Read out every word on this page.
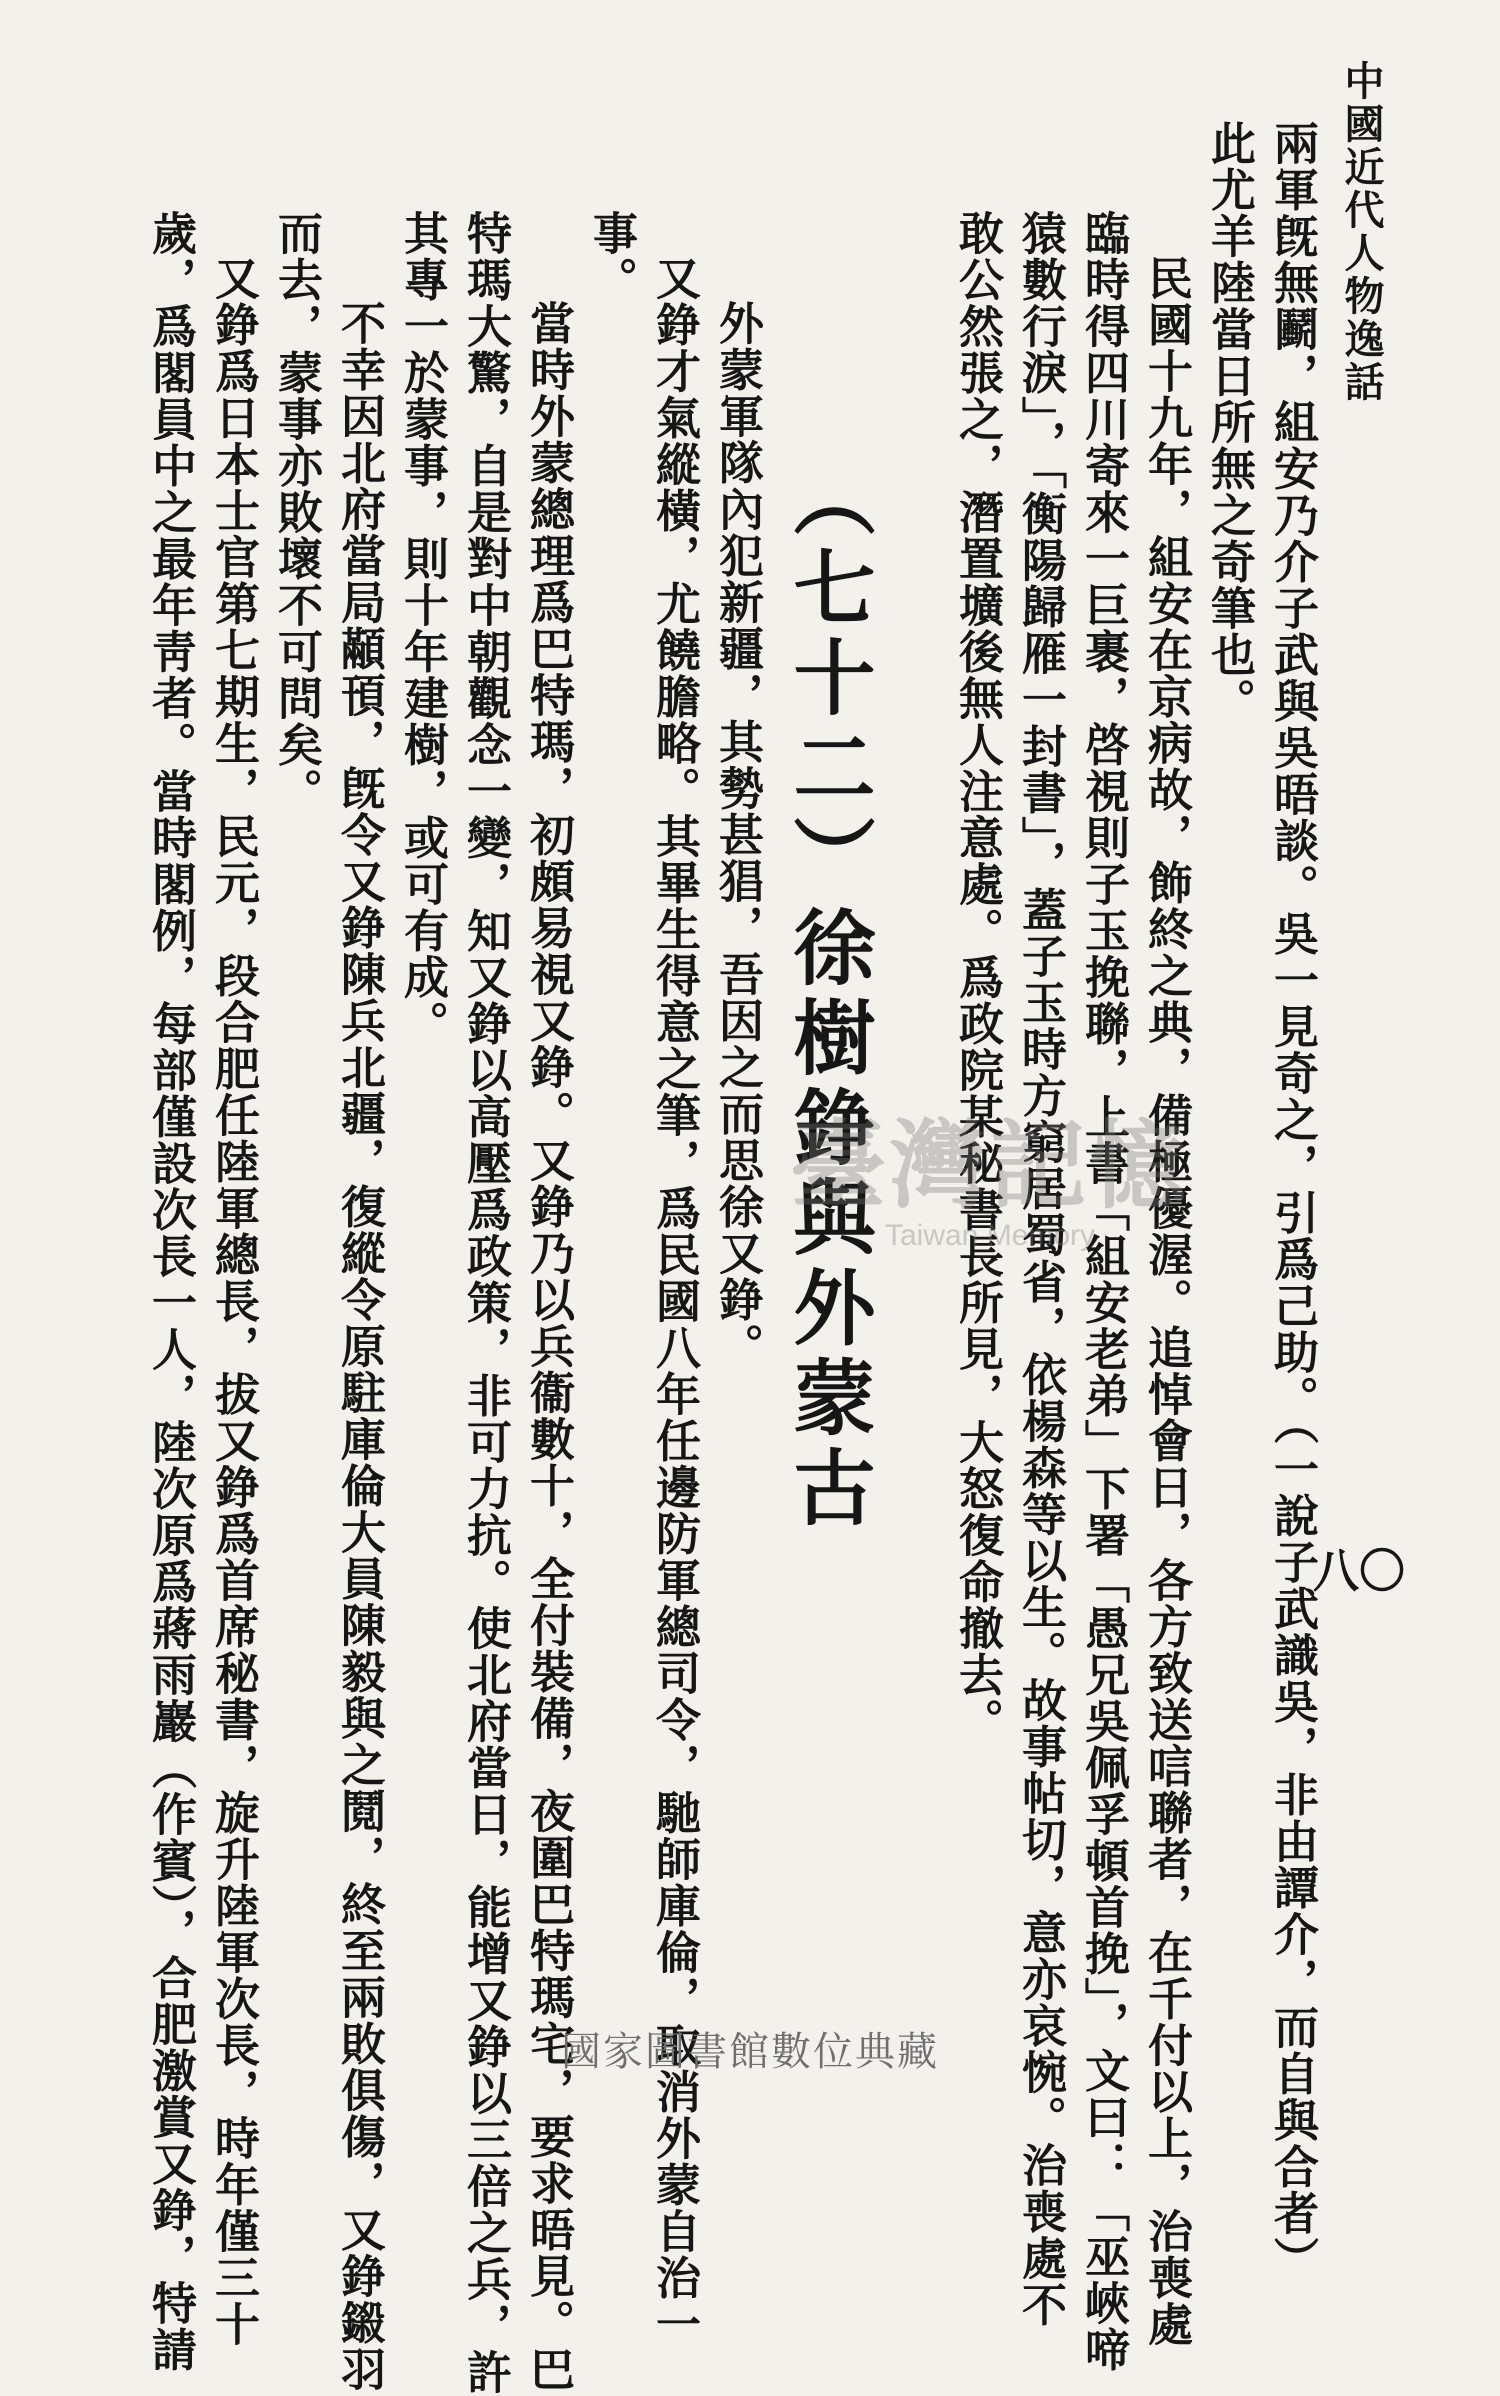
中國近代人物逸話
八〇
兩軍旣無鬬，組安乃介子武與吳晤談。吳一見奇之，引爲己助。（一說子武識吳，非由譚介，而自與合者）
此尤羊陸當日所無之奇筆也。
民國十九年，組安在京病故，飾終之典，備極優渥。追悼會日，各方致送唁聯者，在千付以上，治喪處
臨時得四川寄來一巨裹，啓視則子玉挽聯，上書「組安老弟」下署「愚兄吳佩孚頓首挽」，文曰：「巫峽啼
猿數行淚」，「衡陽歸雁一封書」，蓋子玉時方窮居蜀省，依楊森等以生。故事帖切，意亦哀惋。治喪處不
敢公然張之，潛置壙後無人注意處。爲政院某秘書長所見，大怒復命撤去。
（七十二）徐樹錚與外蒙古
外蒙軍隊內犯新疆，其勢甚猖，吾因之而思徐又錚。
又錚才氣縱橫，尤饒膽略。其畢生得意之筆，爲民國八年任邊防軍總司令，馳師庫倫，取消外蒙自治一
事。
當時外蒙總理爲巴特瑪，初頗易視又錚。又錚乃以兵衞數十，全付裝備，夜圍巴特瑪宅，要求晤見。巴
特瑪大驚，自是對中朝觀念一變，知又錚以高壓爲政策，非可力抗。使北府當日，能增又錚以三倍之兵，許
其專一於蒙事，則十年建樹，或可有成。
不幸因北府當局顢頇，旣令又錚陳兵北疆，復縱令原駐庫倫大員陳毅與之鬩，終至兩敗俱傷，又錚鎩羽
而去，蒙事亦敗壞不可問矣。
又錚爲日本士官第七期生，民元，段合肥任陸軍總長，拔又錚爲首席秘書，旋升陸軍次長，時年僅三十
歲，爲閣員中之最年靑者。當時閣例，每部僅設次長一人，陸次原爲蔣雨巖（作賓），合肥激賞又錚，特請	臺灣記憶
Taiwan Memory
國家圖書館數位典藏
